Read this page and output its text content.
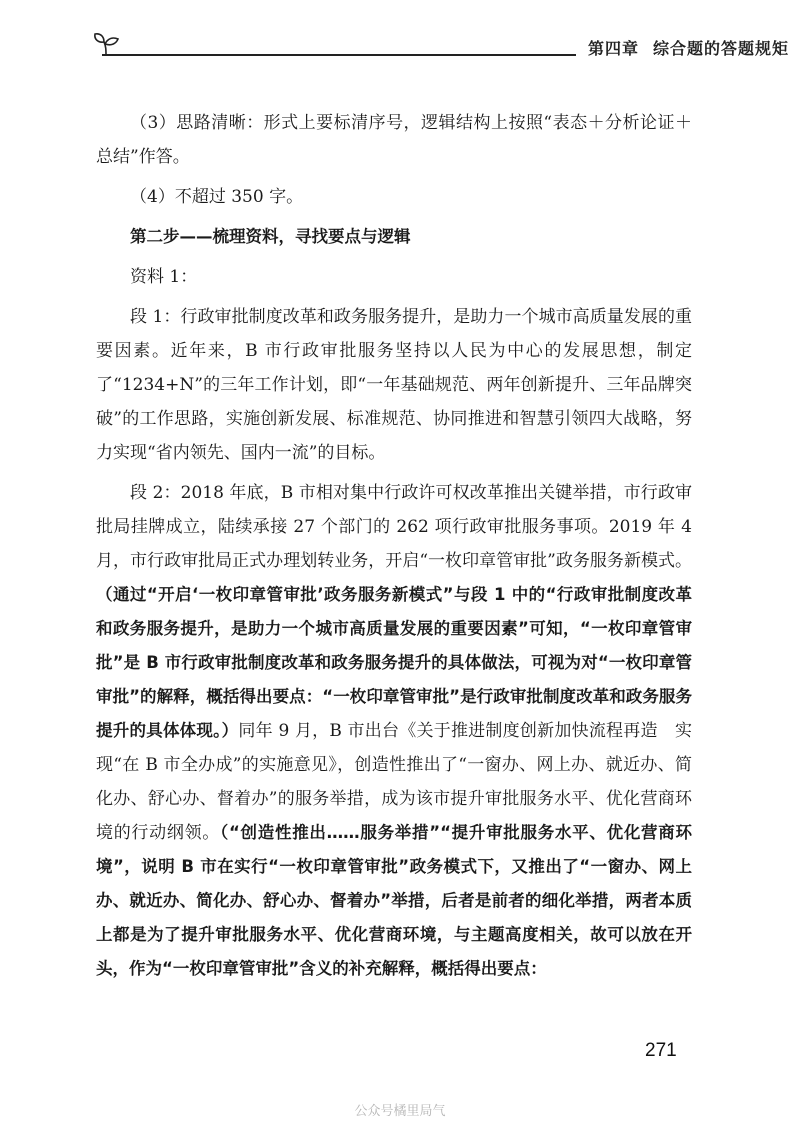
第四章 综合题的答题规矩

（3）思路清晰：形式上要标清序号，逻辑结构上按照“表态＋分析论证＋总结”作答。

（4）不超过 350 字。

第二步——梳理资料，寻找要点与逻辑

资料 1：

段 1：行政审批制度改革和政务服务提升，是助力一个城市高质量发展的重要因素。近年来，B 市行政审批服务坚持以人民为中心的发展思想，制定了“1234+N”的三年工作计划，即“一年基础规范、两年创新提升、三年品牌突破”的工作思路，实施创新发展、标准规范、协同推进和智慧引领四大战略，努力实现“省内领先、国内一流”的目标。

段 2：2018 年底，B 市相对集中行政许可权改革推出关键举措，市行政审批局挂牌成立，陆续承接 27 个部门的 262 项行政审批服务事项。2019 年 4 月，市行政审批局正式办理划转业务，开启“一枚印章管审批”政务服务新模式。（通过“开启‘一枚印章管审批’政务服务新模式”与段 1 中的“行政审批制度改革和政务服务提升，是助力一个城市高质量发展的重要因素”可知，“一枚印章管审批”是 B 市行政审批制度改革和政务服务提升的具体做法，可视为对“一枚印章管审批”的解释，概括得出要点：“一枚印章管审批”是行政审批制度改革和政务服务提升的具体体现。）同年 9 月，B 市出台《关于推进制度创新加快流程再造　实现“在 B 市全办成”的实施意见》，创造性推出了“一窗办、网上办、就近办、简化办、舒心办、督着办”的服务举措，成为该市提升审批服务水平、优化营商环境的行动纲领。（“创造性推出……服务举措”“提升审批服务水平、优化营商环境”，说明 B 市在实行“一枚印章管审批”政务模式下，又推出了“一窗办、网上办、就近办、简化办、舒心办、督着办”举措，后者是前者的细化举措，两者本质上都是为了提升审批服务水平、优化营商环境，与主题高度相关，故可以放在开头，作为“一枚印章管审批”含义的补充解释，概括得出要点：

271
公众号橘里局气
